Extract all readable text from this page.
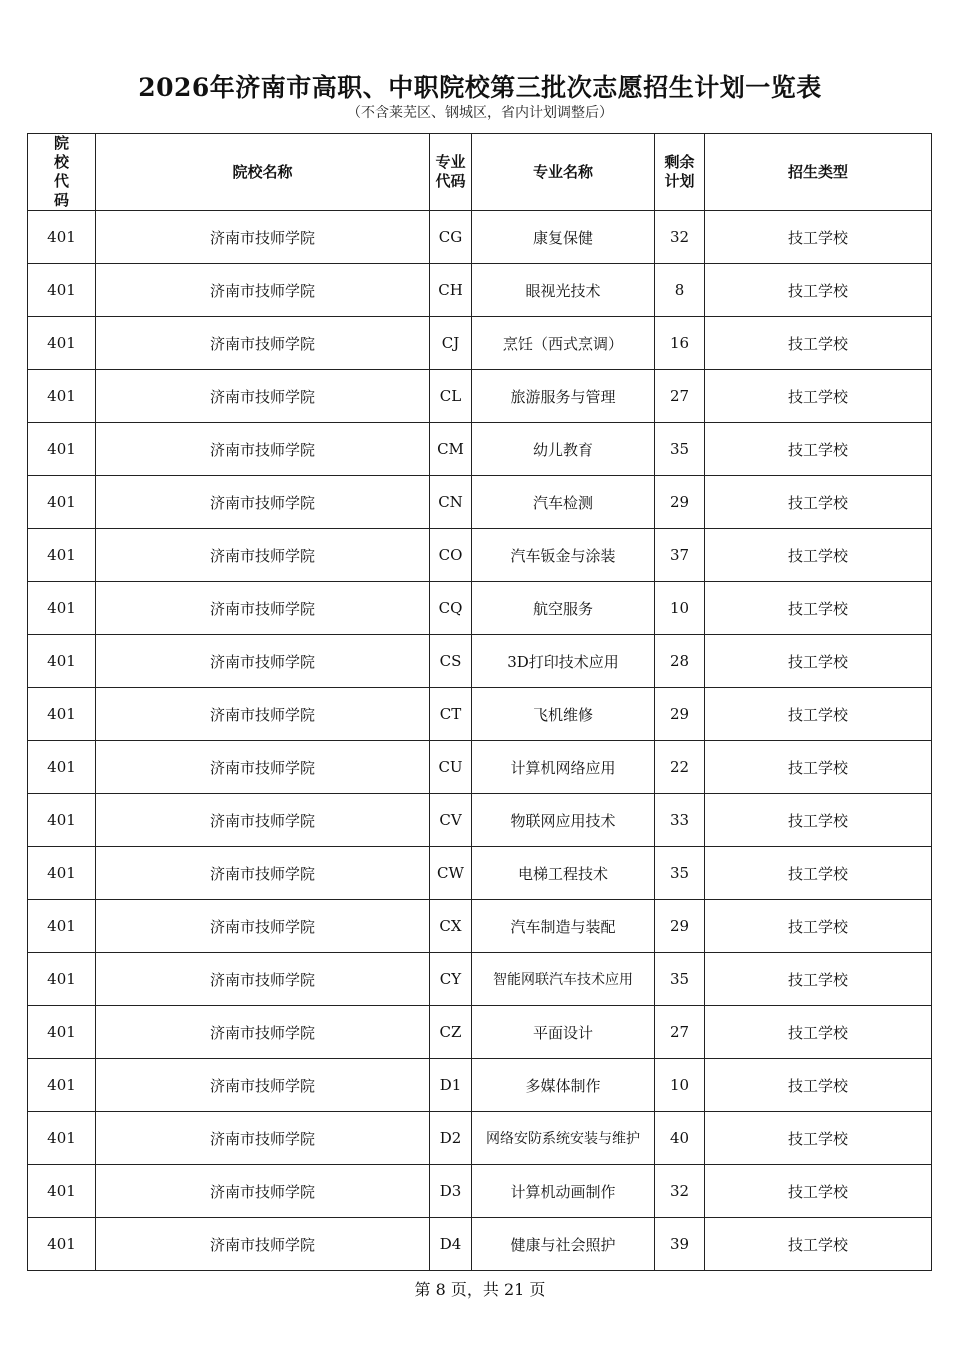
2026年济南市高职、中职院校第三批次志愿招生计划一览表
（不含莱芜区、钢城区，省内计划调整后）
院校代码	院校名称	专业代码	专业名称	剩余计划	招生类型
401	济南市技师学院	CG	康复保健	32	技工学校
401	济南市技师学院	CH	眼视光技术	8	技工学校
401	济南市技师学院	CJ	烹饪（西式烹调）	16	技工学校
401	济南市技师学院	CL	旅游服务与管理	27	技工学校
401	济南市技师学院	CM	幼儿教育	35	技工学校
401	济南市技师学院	CN	汽车检测	29	技工学校
401	济南市技师学院	CO	汽车钣金与涂装	37	技工学校
401	济南市技师学院	CQ	航空服务	10	技工学校
401	济南市技师学院	CS	3D打印技术应用	28	技工学校
401	济南市技师学院	CT	飞机维修	29	技工学校
401	济南市技师学院	CU	计算机网络应用	22	技工学校
401	济南市技师学院	CV	物联网应用技术	33	技工学校
401	济南市技师学院	CW	电梯工程技术	35	技工学校
401	济南市技师学院	CX	汽车制造与装配	29	技工学校
401	济南市技师学院	CY	智能网联汽车技术应用	35	技工学校
401	济南市技师学院	CZ	平面设计	27	技工学校
401	济南市技师学院	D1	多媒体制作	10	技工学校
401	济南市技师学院	D2	网络安防系统安装与维护	40	技工学校
401	济南市技师学院	D3	计算机动画制作	32	技工学校
401	济南市技师学院	D4	健康与社会照护	39	技工学校
第 8 页，共 21 页
